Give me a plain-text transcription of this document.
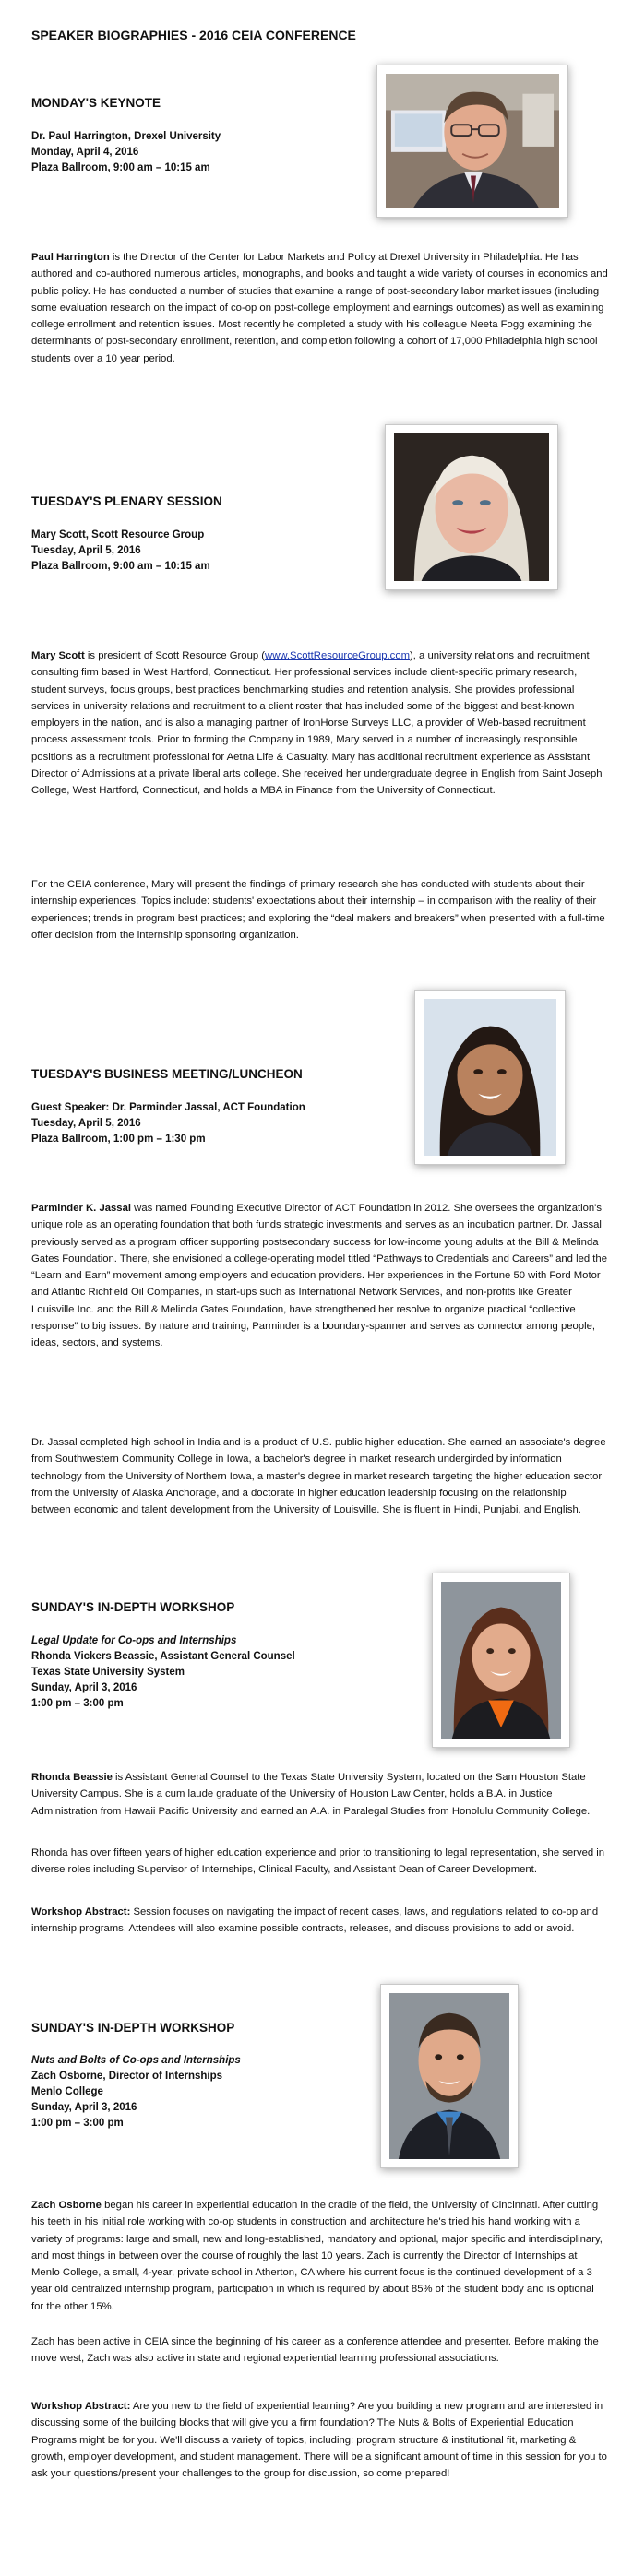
SPEAKER BIOGRAPHIES - 2016 CEIA CONFERENCE
MONDAY'S KEYNOTE

Dr. Paul Harrington, Drexel University

Monday, April 4, 2016

Plaza Ballroom, 9:00 am – 10:15 am

Paul Harrington is the Director of the Center for Labor Markets and Policy at Drexel University in Philadelphia. He has authored and co-authored numerous articles, monographs, and books and taught a wide variety of courses in economics and public policy. He has conducted a number of studies that examine a range of post-secondary labor market issues (including some evaluation research on the impact of co-op on post-college employment and earnings outcomes) as well as examining college enrollment and retention issues. Most recently he completed a study with his colleague Neeta Fogg examining the determinants of post-secondary enrollment, retention, and completion following a cohort of 17,000 Philadelphia high school students over a 10 year period.

TUESDAY'S PLENARY SESSION

Mary Scott, Scott Resource Group

Tuesday, April 5, 2016

Plaza Ballroom, 9:00 am – 10:15 am

Mary Scott is president of Scott Resource Group (www.ScottResourceGroup.com), a university relations and recruitment consulting firm based in West Hartford, Connecticut. Her professional services include client-specific primary research, student surveys, focus groups, best practices benchmarking studies and retention analysis. She provides professional services in university relations and recruitment to a client roster that has included some of the biggest and best-known employers in the nation, and is also a managing partner of IronHorse Surveys LLC, a provider of Web-based recruitment process assessment tools. Prior to forming the Company in 1989, Mary served in a number of increasingly responsible positions as a recruitment professional for Aetna Life & Casualty. Mary has additional recruitment experience as Assistant Director of Admissions at a private liberal arts college. She received her undergraduate degree in English from Saint Joseph College, West Hartford, Connecticut, and holds a MBA in Finance from the University of Connecticut.

For the CEIA conference, Mary will present the findings of primary research she has conducted with students about their internship experiences. Topics include: students' expectations about their internship – in comparison with the reality of their experiences; trends in program best practices; and exploring the “deal makers and breakers” when presented with a full-time offer decision from the internship sponsoring organization.

TUESDAY'S BUSINESS MEETING/LUNCHEON

Guest Speaker: Dr. Parminder Jassal, ACT Foundation

Tuesday, April 5, 2016

Plaza Ballroom, 1:00 pm – 1:30 pm

Parminder K. Jassal was named Founding Executive Director of ACT Foundation in 2012. She oversees the organization's unique role as an operating foundation that both funds strategic investments and serves as an incubation partner. Dr. Jassal previously served as a program officer supporting postsecondary success for low-income young adults at the Bill & Melinda Gates Foundation. There, she envisioned a college-operating model titled “Pathways to Credentials and Careers” and led the “Learn and Earn” movement among employers and education providers. Her experiences in the Fortune 50 with Ford Motor and Atlantic Richfield Oil Companies, in start-ups such as International Network Services, and non-profits like Greater Louisville Inc. and the Bill & Melinda Gates Foundation, have strengthened her resolve to organize practical “collective response” to big issues. By nature and training, Parminder is a boundary-spanner and serves as connector among people, ideas, sectors, and systems.

Dr. Jassal completed high school in India and is a product of U.S. public higher education. She earned an associate's degree from Southwestern Community College in Iowa, a bachelor's degree in market research undergirded by information technology from the University of Northern Iowa, a master's degree in market research targeting the higher education sector from the University of Alaska Anchorage, and a doctorate in higher education leadership focusing on the relationship between economic and talent development from the University of Louisville. She is fluent in Hindi, Punjabi, and English.

SUNDAY'S IN-DEPTH WORKSHOP

Legal Update for Co-ops and Internships

Rhonda Vickers Beassie, Assistant General Counsel

Texas State University System

Sunday, April 3, 2016

1:00 pm – 3:00 pm

Rhonda Beassie is Assistant General Counsel to the Texas State University System, located on the Sam Houston State University Campus. She is a cum laude graduate of the University of Houston Law Center, holds a B.A. in Justice Administration from Hawaii Pacific University and earned an A.A. in Paralegal Studies from Honolulu Community College.

Rhonda has over fifteen years of higher education experience and prior to transitioning to legal representation, she served in diverse roles including Supervisor of Internships, Clinical Faculty, and Assistant Dean of Career Development.

Workshop Abstract: Session focuses on navigating the impact of recent cases, laws, and regulations related to co-op and internship programs. Attendees will also examine possible contracts, releases, and discuss provisions to add or avoid.

SUNDAY'S IN-DEPTH WORKSHOP

Nuts and Bolts of Co-ops and Internships

Zach Osborne, Director of Internships

Menlo College

Sunday, April 3, 2016

1:00 pm – 3:00 pm

Zach Osborne began his career in experiential education in the cradle of the field, the University of Cincinnati. After cutting his teeth in his initial role working with co-op students in construction and architecture he's tried his hand working with a variety of programs: large and small, new and long-established, mandatory and optional, major specific and interdisciplinary, and most things in between over the course of roughly the last 10 years. Zach is currently the Director of Internships at Menlo College, a small, 4-year, private school in Atherton, CA where his current focus is the continued development of a 3 year old centralized internship program, participation in which is required by about 85% of the student body and is optional for the other 15%.

Zach has been active in CEIA since the beginning of his career as a conference attendee and presenter. Before making the move west, Zach was also active in state and regional experiential learning professional associations.

Workshop Abstract: Are you new to the field of experiential learning? Are you building a new program and are interested in discussing some of the building blocks that will give you a firm foundation? The Nuts & Bolts of Experiential Education Programs might be for you. We'll discuss a variety of topics, including: program structure & institutional fit, marketing & growth, employer development, and student management. There will be a significant amount of time in this session for you to ask your questions/present your challenges to the group for discussion, so come prepared!
